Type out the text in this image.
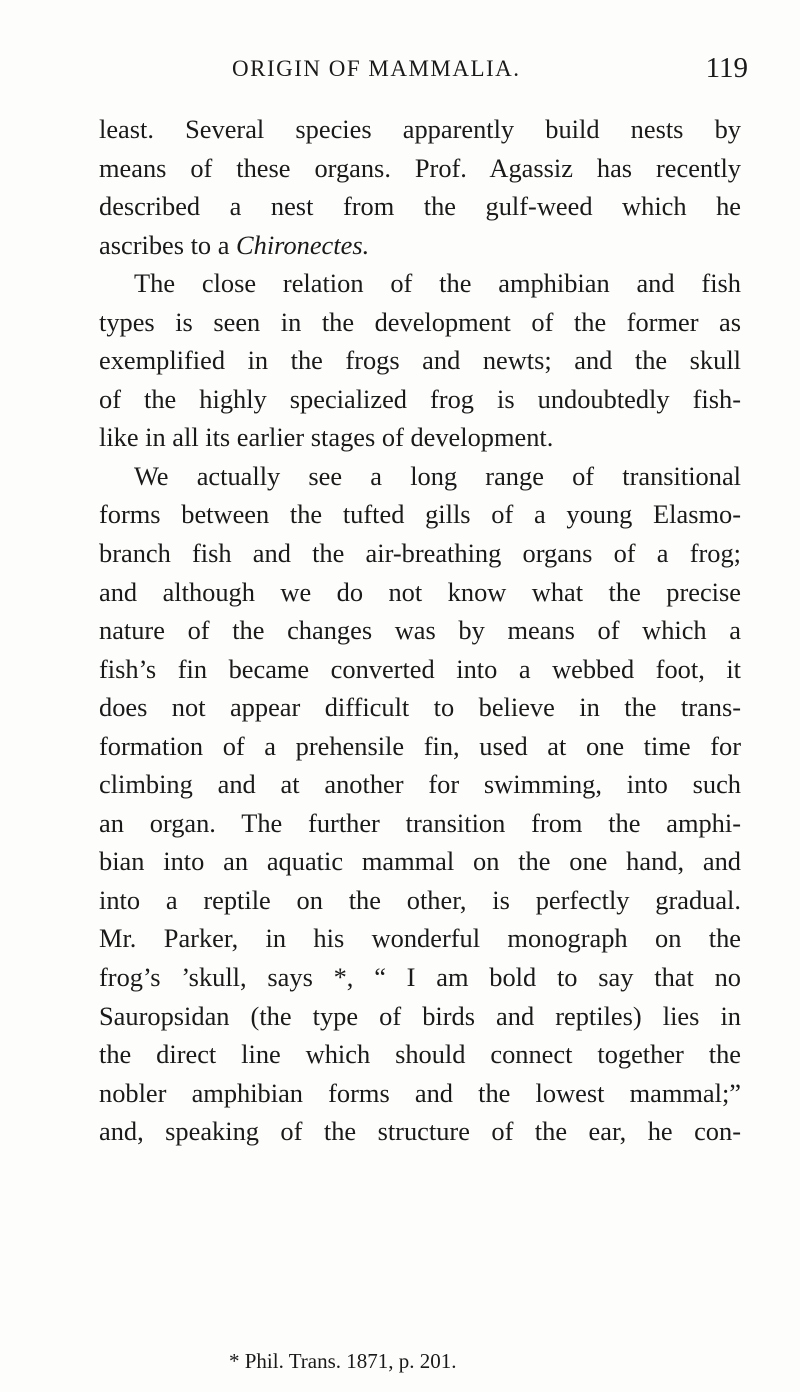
ORIGIN OF MAMMALIA.	119
least. Several species apparently build nests by
means of these organs. Prof. Agassiz has recently
described a nest from the gulf-weed which he
ascribes to a Chironectes.
The close relation of the amphibian and fish
types is seen in the development of the former as
exemplified in the frogs and newts; and the skull
of the highly specialized frog is undoubtedly fish-
like in all its earlier stages of development.
We actually see a long range of transitional
forms between the tufted gills of a young Elasmo-
branch fish and the air-breathing organs of a frog;
and although we do not know what the precise
nature of the changes was by means of which a
fish’s fin became converted into a webbed foot, it
does not appear difficult to believe in the trans-
formation of a prehensile fin, used at one time for
climbing and at another for swimming, into such
an organ. The further transition from the amphi-
bian into an aquatic mammal on the one hand, and
into a reptile on the other, is perfectly gradual.
Mr. Parker, in his wonderful monograph on the
frog’s ’skull, says *, “ I am bold to say that no
Sauropsidan (the type of birds and reptiles) lies in
the direct line which should connect together the
nobler amphibian forms and the lowest mammal;”
and, speaking of the structure of the ear, he con-
* Phil. Trans. 1871, p. 201.
